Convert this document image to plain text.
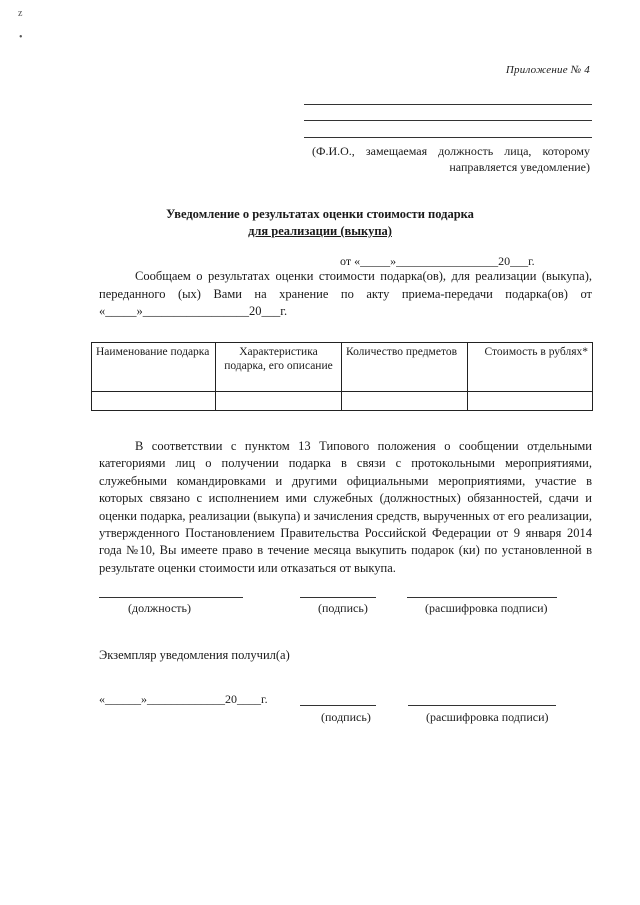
z
•
Приложение № 4
(Ф.И.О., замещаемая должность лица, которому направляется уведомление)
Уведомление о результатах оценки стоимости подарка
для реализации (выкупа)
от «_____»_________________20___г.
Сообщаем о результатах оценки стоимости подарка(ов), для реализации (выкупа), переданного (ых) Вами на хранение по акту приема-передачи подарка(ов) от «_____»_________________20___г.
Наименование подарка	Характеристика подарка, его описание	Количество предметов	Стоимость в рублях*

В соответствии с пунктом 13 Типового положения о сообщении отдельными категориями лиц о получении подарка в связи с протокольными мероприятиями, служебными командировками и другими официальными мероприятиями, участие в которых связано с исполнением ими служебных (должностных) обязанностей, сдачи и оценки подарка, реализации (выкупа) и зачисления средств, вырученных от его реализации, утвержденного Постановлением Правительства Российской Федерации от 9 января 2014 года №10, Вы имеете право в течение месяца выкупить подарок (ки) по установленной в результате оценки стоимости или отказаться от выкупа.
(должность)	(подпись)	(расшифровка подписи)
Экземпляр уведомления получил(а)
«______»_____________20____г.
(подпись)	(расшифровка подписи)
